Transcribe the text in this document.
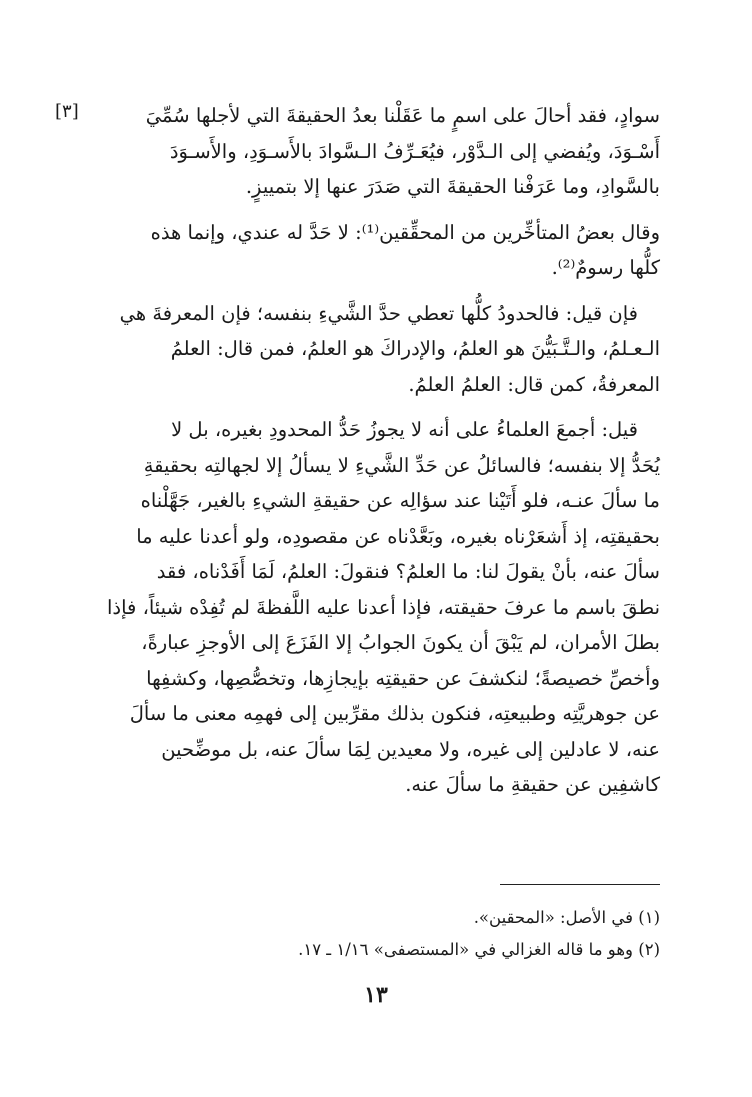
[٣]	سوادٍ، فقد أحالَ على اسمٍ ما عَقَلْنا بعدُ الحقيقةَ التي لأجلها سُمِّيَ
أَسْـوَدَ، ويُفضي إلى الـدَّوْر، فيُعَـرِّفُ الـسَّوادَ بالأَسـوَدِ، والأَسـوَدَ
بالسَّوادِ، وما عَرَفْنا الحقيقةَ التي صَدَرَ عنها إلا بتمييزٍ.

وقال بعضُ المتأخِّرين من المحقِّقين⁽¹⁾: لا حَدَّ له عندي، وإنما هذه
كلُّها رسومٌ⁽²⁾.

فإن قيل: فالحدودُ كلُّها تعطي حدَّ الشَّيءِ بنفسه؛ فإن المعرفةَ هي
الـعـلمُ، والـتَّـبَيُّنَ هو العلمُ، والإدراكَ هو العلمُ، فمن قال: العلمُ
المعرفةُ، كمن قال: العلمُ العلمُ.

قيل: أجمعَ العلماءُ على أنه لا يجوزُ حَدُّ المحدودِ بغيره، بل لا
يُحَدُّ إلا بنفسه؛ فالسائلُ عن حَدِّ الشَّيءِ لا يسألُ إلا لجهالتِه بحقيقةِ
ما سألَ عنـه، فلو أَتَيْنا عند سؤالِه عن حقيقةِ الشيءِ بالغير، جَهَّلْناه
بحقيقتِه، إذ أَشعَرْناه بغيره، وبَعَّدْناه عن مقصودِه، ولو أعدنا عليه ما
سألَ عنه، بأنْ يقولَ لنا: ما العلمُ؟ فنقولَ: العلمُ، لَمَا أَفَدْناه، فقد
نطقَ باسم ما عرفَ حقيقته، فإذا أعدنا عليه اللَّفظةَ لم تُفِدْه شيئاً، فإذا
بطلَ الأمران، لم يَبْقَ أن يكونَ الجوابُ إلا الفَزَعَ إلى الأوجزِ عبارةً،
وأخصِّ خصيصةً؛ لنكشفَ عن حقيقتِه بإيجازِها، وتخصُّصِها، وكشفِها
عن جوهريَّتِه وطبيعتِه، فنكون بذلك مقرِّبين إلى فهمِه معنى ما سألَ
عنه، لا عادلين إلى غيره، ولا معيدين لِمَا سألَ عنه، بل موضِّحين
كاشفِين عن حقيقةِ ما سألَ عنه.

(١) في الأصل: «المحقين».
(٢) وهو ما قاله الغزالي في «المستصفى» ١/١٦ ـ ١٧.
١٣
